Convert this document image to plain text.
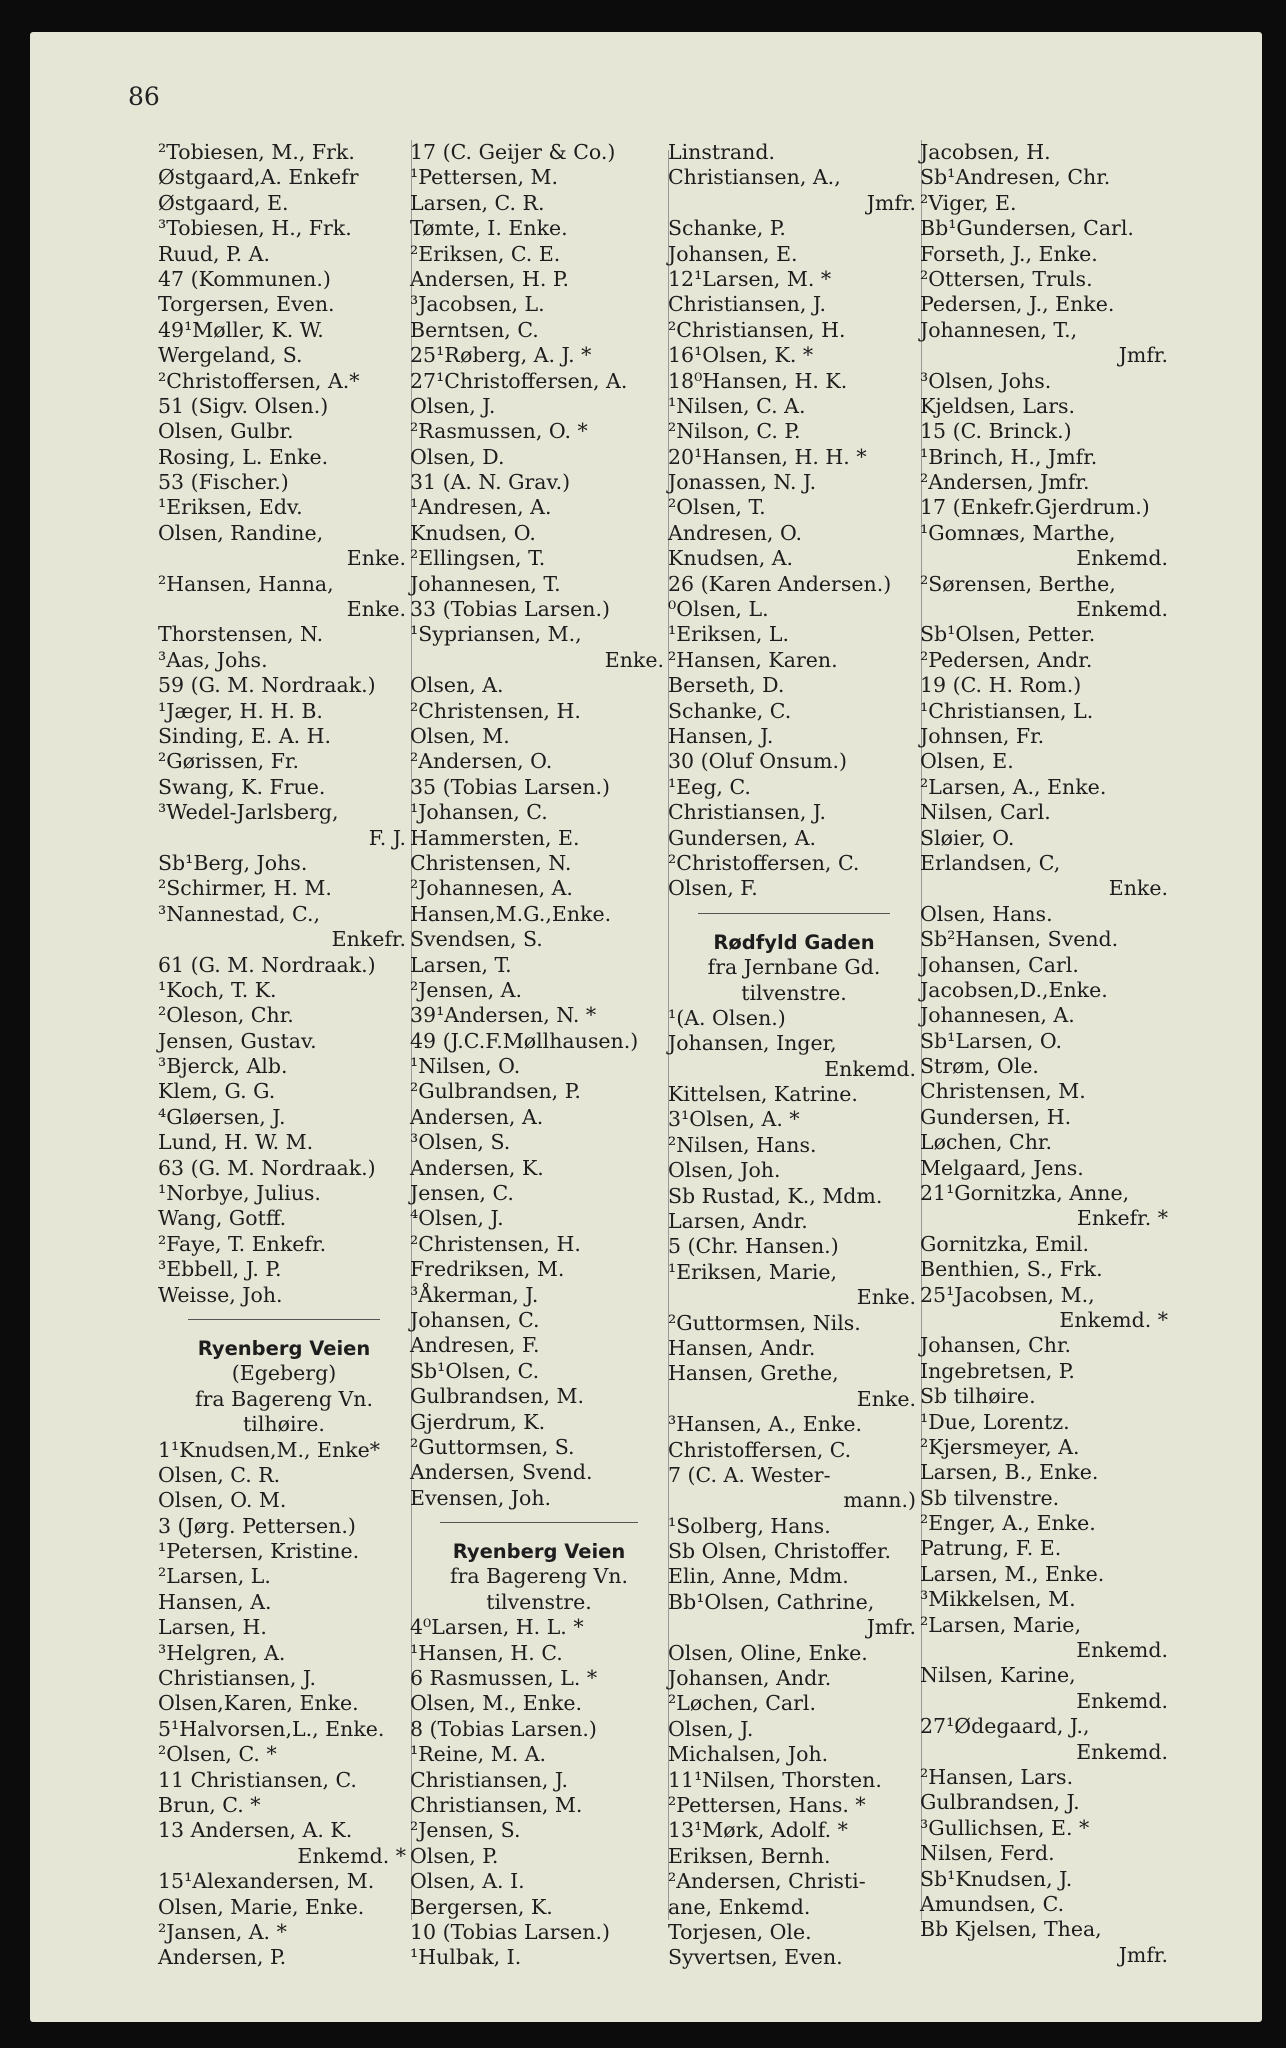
86
²Tobiesen, M., Frk.
Østgaard,A. Enkefr
Østgaard, E.
³Tobiesen, H., Frk.
Ruud, P. A.
47 (Kommunen.)
Torgersen, Even.
49¹Møller, K. W.
Wergeland, S.
²Christoffersen, A.*
51 (Sigv. Olsen.)
Olsen, Gulbr.
Rosing, L. Enke.
53 (Fischer.)
¹Eriksen, Edv.
Olsen, Randine,
Enke.
²Hansen, Hanna,
Enke.
Thorstensen, N.
³Aas, Johs.
59 (G. M. Nordraak.)
¹Jæger, H. H. B.
Sinding, E. A. H.
²Gørissen, Fr.
Swang, K. Frue.
³Wedel-Jarlsberg,
F. J.
Sb¹Berg, Johs.
²Schirmer, H. M.
³Nannestad, C.,
Enkefr.
61 (G. M. Nordraak.)
¹Koch, T. K.
²Oleson, Chr.
Jensen, Gustav.
³Bjerck, Alb.
Klem, G. G.
⁴Gløersen, J.
Lund, H. W. M.
63 (G. M. Nordraak.)
¹Norbye, Julius.
Wang, Gotff.
²Faye, T. Enkefr.
³Ebbell, J. P.
Weisse, Joh.
Ryenberg Veien
(Egeberg)
fra Bagereng Vn.
tilhøire.
1¹Knudsen,M., Enke*
Olsen, C. R.
Olsen, O. M.
3 (Jørg. Pettersen.)
¹Petersen, Kristine.
²Larsen, L.
Hansen, A.
Larsen, H.
³Helgren, A.
Christiansen, J.
Olsen,Karen, Enke.
5¹Halvorsen,L., Enke.
²Olsen, C. *
11 Christiansen, C.
Brun, C. *
13 Andersen, A. K.
Enkemd. *
15¹Alexandersen, M.
Olsen, Marie, Enke.
²Jansen, A. *
Andersen, P.
17 (C. Geijer & Co.)
¹Pettersen, M.
Larsen, C. R.
Tømte, I. Enke.
²Eriksen, C. E.
Andersen, H. P.
³Jacobsen, L.
Berntsen, C.
25¹Røberg, A. J. *
27¹Christoffersen, A.
Olsen, J.
²Rasmussen, O. *
Olsen, D.
31 (A. N. Grav.)
¹Andresen, A.
Knudsen, O.
²Ellingsen, T.
Johannesen, T.
33 (Tobias Larsen.)
¹Sypriansen, M.,
Enke.
Olsen, A.
²Christensen, H.
Olsen, M.
²Andersen, O.
35 (Tobias Larsen.)
¹Johansen, C.
Hammersten, E.
Christensen, N.
²Johannesen, A.
Hansen,M.G.,Enke.
Svendsen, S.
Larsen, T.
²Jensen, A.
39¹Andersen, N. *
49 (J.C.F.Møllhausen.)
¹Nilsen, O.
²Gulbrandsen, P.
Andersen, A.
³Olsen, S.
Andersen, K.
Jensen, C.
⁴Olsen, J.
²Christensen, H.
Fredriksen, M.
³Åkerman, J.
Johansen, C.
Andresen, F.
Sb¹Olsen, C.
Gulbrandsen, M.
Gjerdrum, K.
²Guttormsen, S.
Andersen, Svend.
Evensen, Joh.
Ryenberg Veien
fra Bagereng Vn.
tilvenstre.
4⁰Larsen, H. L. *
¹Hansen, H. C.
6 Rasmussen, L. *
Olsen, M., Enke.
8 (Tobias Larsen.)
¹Reine, M. A.
Christiansen, J.
Christiansen, M.
²Jensen, S.
Olsen, P.
Olsen, A. I.
Bergersen, K.
10 (Tobias Larsen.)
¹Hulbak, I.
Linstrand.
Christiansen, A.,
Jmfr.
Schanke, P.
Johansen, E.
12¹Larsen, M. *
Christiansen, J.
²Christiansen, H.
16¹Olsen, K. *
18⁰Hansen, H. K.
¹Nilsen, C. A.
²Nilson, C. P.
20¹Hansen, H. H. *
Jonassen, N. J.
²Olsen, T.
Andresen, O.
Knudsen, A.
26 (Karen Andersen.)
⁰Olsen, L.
¹Eriksen, L.
²Hansen, Karen.
Berseth, D.
Schanke, C.
Hansen, J.
30 (Oluf Onsum.)
¹Eeg, C.
Christiansen, J.
Gundersen, A.
²Christoffersen, C.
Olsen, F.
Rødfyld Gaden
fra Jernbane Gd.
tilvenstre.
¹(A. Olsen.)
Johansen, Inger,
Enkemd.
Kittelsen, Katrine.
3¹Olsen, A. *
²Nilsen, Hans.
Olsen, Joh.
Sb Rustad, K., Mdm.
Larsen, Andr.
5 (Chr. Hansen.)
¹Eriksen, Marie,
Enke.
²Guttormsen, Nils.
Hansen, Andr.
Hansen, Grethe,
Enke.
³Hansen, A., Enke.
Christoffersen, C.
7 (C. A. Wester-
mann.)
¹Solberg, Hans.
Sb Olsen, Christoffer.
Elin, Anne, Mdm.
Bb¹Olsen, Cathrine,
Jmfr.
Olsen, Oline, Enke.
Johansen, Andr.
²Løchen, Carl.
Olsen, J.
Michalsen, Joh.
11¹Nilsen, Thorsten.
²Pettersen, Hans. *
13¹Mørk, Adolf. *
Eriksen, Bernh.
²Andersen, Christi-
ane, Enkemd.
Torjesen, Ole.
Syvertsen, Even.
Jacobsen, H.
Sb¹Andresen, Chr.
²Viger, E.
Bb¹Gundersen, Carl.
Forseth, J., Enke.
²Ottersen, Truls.
Pedersen, J., Enke.
Johannesen, T.,
Jmfr.
³Olsen, Johs.
Kjeldsen, Lars.
15 (C. Brinck.)
¹Brinch, H., Jmfr.
²Andersen, Jmfr.
17 (Enkefr.Gjerdrum.)
¹Gomnæs, Marthe,
Enkemd.
²Sørensen, Berthe,
Enkemd.
Sb¹Olsen, Petter.
²Pedersen, Andr.
19 (C. H. Rom.)
¹Christiansen, L.
Johnsen, Fr.
Olsen, E.
²Larsen, A., Enke.
Nilsen, Carl.
Sløier, O.
Erlandsen, C,
Enke.
Olsen, Hans.
Sb²Hansen, Svend.
Johansen, Carl.
Jacobsen,D.,Enke.
Johannesen, A.
Sb¹Larsen, O.
Strøm, Ole.
Christensen, M.
Gundersen, H.
Løchen, Chr.
Melgaard, Jens.
21¹Gornitzka, Anne,
Enkefr. *
Gornitzka, Emil.
Benthien, S., Frk.
25¹Jacobsen, M.,
Enkemd. *
Johansen, Chr.
Ingebretsen, P.
Sb tilhøire.
¹Due, Lorentz.
²Kjersmeyer, A.
Larsen, B., Enke.
Sb tilvenstre.
²Enger, A., Enke.
Patrung, F. E.
Larsen, M., Enke.
³Mikkelsen, M.
²Larsen, Marie,
Enkemd.
Nilsen, Karine,
Enkemd.
27¹Ødegaard, J.,
Enkemd.
²Hansen, Lars.
Gulbrandsen, J.
³Gullichsen, E. *
Nilsen, Ferd.
Sb¹Knudsen, J.
Amundsen, C.
Bb Kjelsen, Thea,
Jmfr.
